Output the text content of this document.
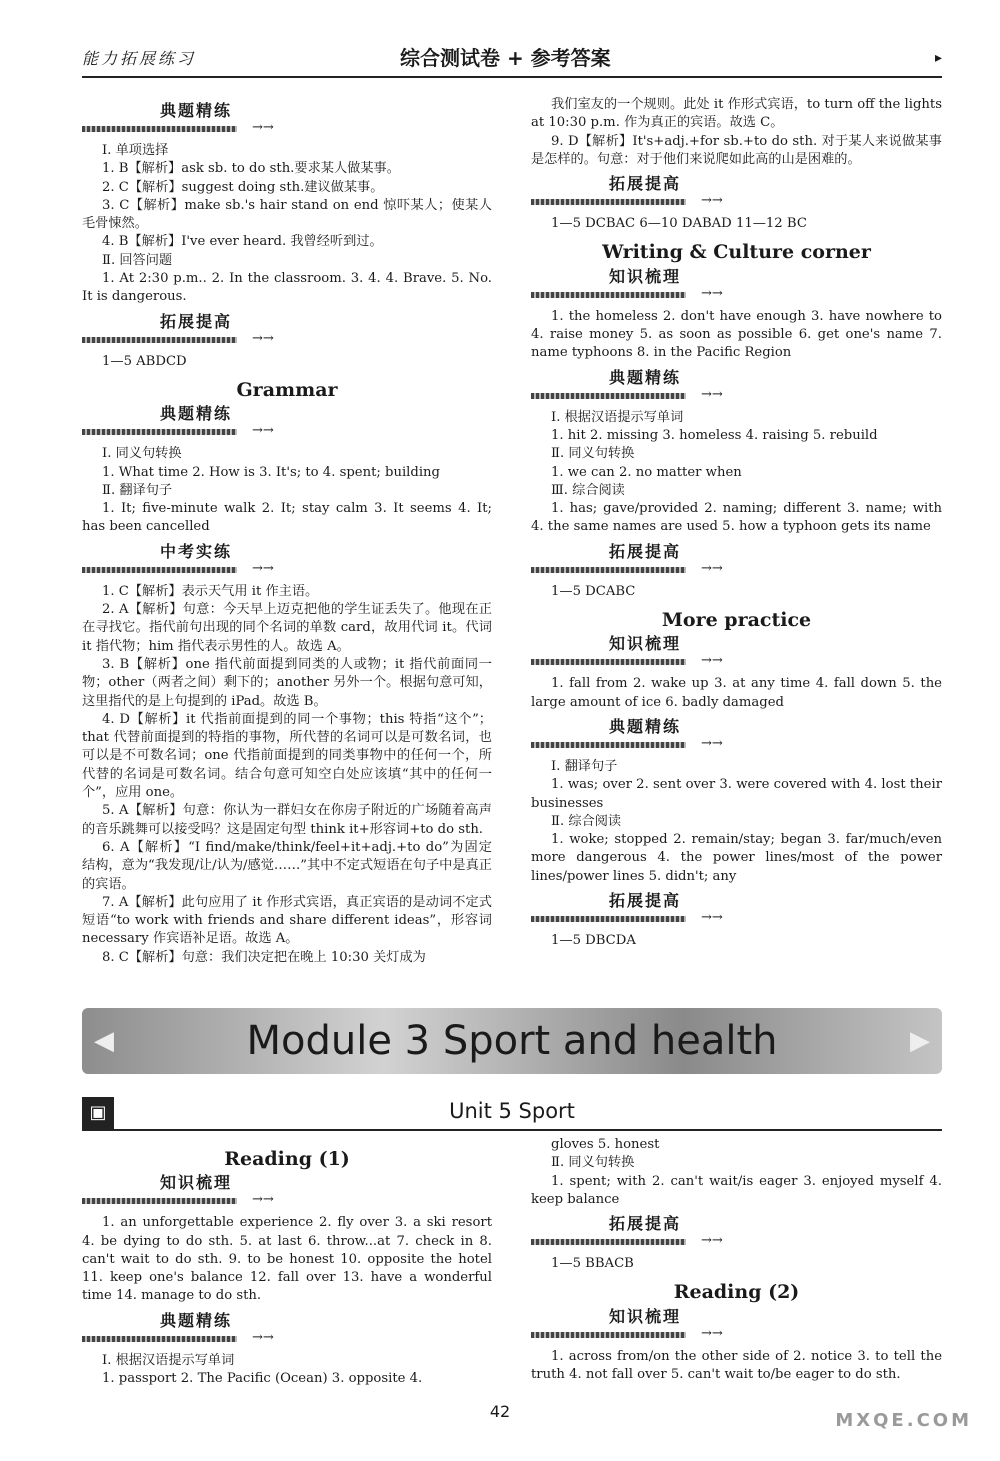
能力拓展练习	综合测试卷 + 参考答案	▸
典题精练
→→

Ⅰ. 单项选择

1. B【解析】ask sb. to do sth.要求某人做某事。

2. C【解析】suggest doing sth.建议做某事。

3. C【解析】make sb.'s hair stand on end 惊吓某人；使某人毛骨悚然。

4. B【解析】I've ever heard. 我曾经听到过。

Ⅱ. 回答问题

1. At 2:30 p.m.. 2. In the classroom. 3. 4. 4. Brave. 5. No. It is dangerous.

拓展提高
→→

1—5 ABDCD

Grammar
典题精练
→→

Ⅰ. 同义句转换

1. What time 2. How is 3. It's; to 4. spent; building

Ⅱ. 翻译句子

1. It; five-minute walk 2. It; stay calm 3. It seems 4. It; has been cancelled

中考实练
→→

1. C【解析】表示天气用 it 作主语。

2. A【解析】句意：今天早上迈克把他的学生证丢失了。他现在正在寻找它。指代前句出现的同个名词的单数 card，故用代词 it。代词 it 指代物；him 指代表示男性的人。故选 A。

3. B【解析】one 指代前面提到同类的人或物；it 指代前面同一物；other（两者之间）剩下的；another 另外一个。根据句意可知，这里指代的是上句提到的 iPad。故选 B。

4. D【解析】it 代指前面提到的同一个事物；this 特指“这个”；that 代替前面提到的特指的事物，所代替的名词可以是可数名词，也可以是不可数名词；one 代指前面提到的同类事物中的任何一个，所代替的名词是可数名词。结合句意可知空白处应该填“其中的任何一个”，应用 one。

5. A【解析】句意：你认为一群妇女在你房子附近的广场随着高声的音乐跳舞可以接受吗？这是固定句型 think it+形容词+to do sth.

6. A【解析】“I find/make/think/feel+it+adj.+to do”为固定结构，意为“我发现/让/认为/感觉……”其中不定式短语在句子中是真正的宾语。

7. A【解析】此句应用了 it 作形式宾语，真正宾语的是动词不定式短语“to work with friends and share different ideas”，形容词 necessary 作宾语补足语。故选 A。

8. C【解析】句意：我们决定把在晚上 10:30 关灯成为

我们室友的一个规则。此处 it 作形式宾语，to turn off the lights at 10:30 p.m. 作为真正的宾语。故选 C。

9. D【解析】It's+adj.+for sb.+to do sth. 对于某人来说做某事是怎样的。句意：对于他们来说爬如此高的山是困难的。

拓展提高
→→

1—5 DCBAC 6—10 DABAD 11—12 BC

Writing & Culture corner
知识梳理
→→

1. the homeless 2. don't have enough 3. have nowhere to 4. raise money 5. as soon as possible 6. get one's name 7. name typhoons 8. in the Pacific Region

典题精练
→→

Ⅰ. 根据汉语提示写单词

1. hit 2. missing 3. homeless 4. raising 5. rebuild

Ⅱ. 同义句转换

1. we can 2. no matter when

Ⅲ. 综合阅读

1. has; gave/provided 2. naming; different 3. name; with 4. the same names are used 5. how a typhoon gets its name

拓展提高
→→

1—5 DCABC

More practice
知识梳理
→→

1. fall from 2. wake up 3. at any time 4. fall down 5. the large amount of ice 6. badly damaged

典题精练
→→

Ⅰ. 翻译句子

1. was; over 2. sent over 3. were covered with 4. lost their businesses

Ⅱ. 综合阅读

1. woke; stopped 2. remain/stay; began 3. far/much/even more dangerous 4. the power lines/most of the power lines/power lines 5. didn't; any

拓展提高
→→

1—5 DBCDA

◀	Module 3 Sport and health	▶
▣	Unit 5 Sport
Reading (1)
知识梳理
→→

1. an unforgettable experience 2. fly over 3. a ski resort 4. be dying to do sth. 5. at last 6. throw...at 7. check in 8. can't wait to do sth. 9. to be honest 10. opposite the hotel 11. keep one's balance 12. fall over 13. have a wonderful time 14. manage to do sth.

典题精练
→→

Ⅰ. 根据汉语提示写单词

1. passport 2. The Pacific (Ocean) 3. opposite 4.

gloves 5. honest

Ⅱ. 同义句转换

1. spent; with 2. can't wait/is eager 3. enjoyed myself 4. keep balance

拓展提高
→→

1—5 BBACB

Reading (2)
知识梳理
→→

1. across from/on the other side of 2. notice 3. to tell the truth 4. not fall over 5. can't wait to/be eager to do sth.

42	MXQE.COM
